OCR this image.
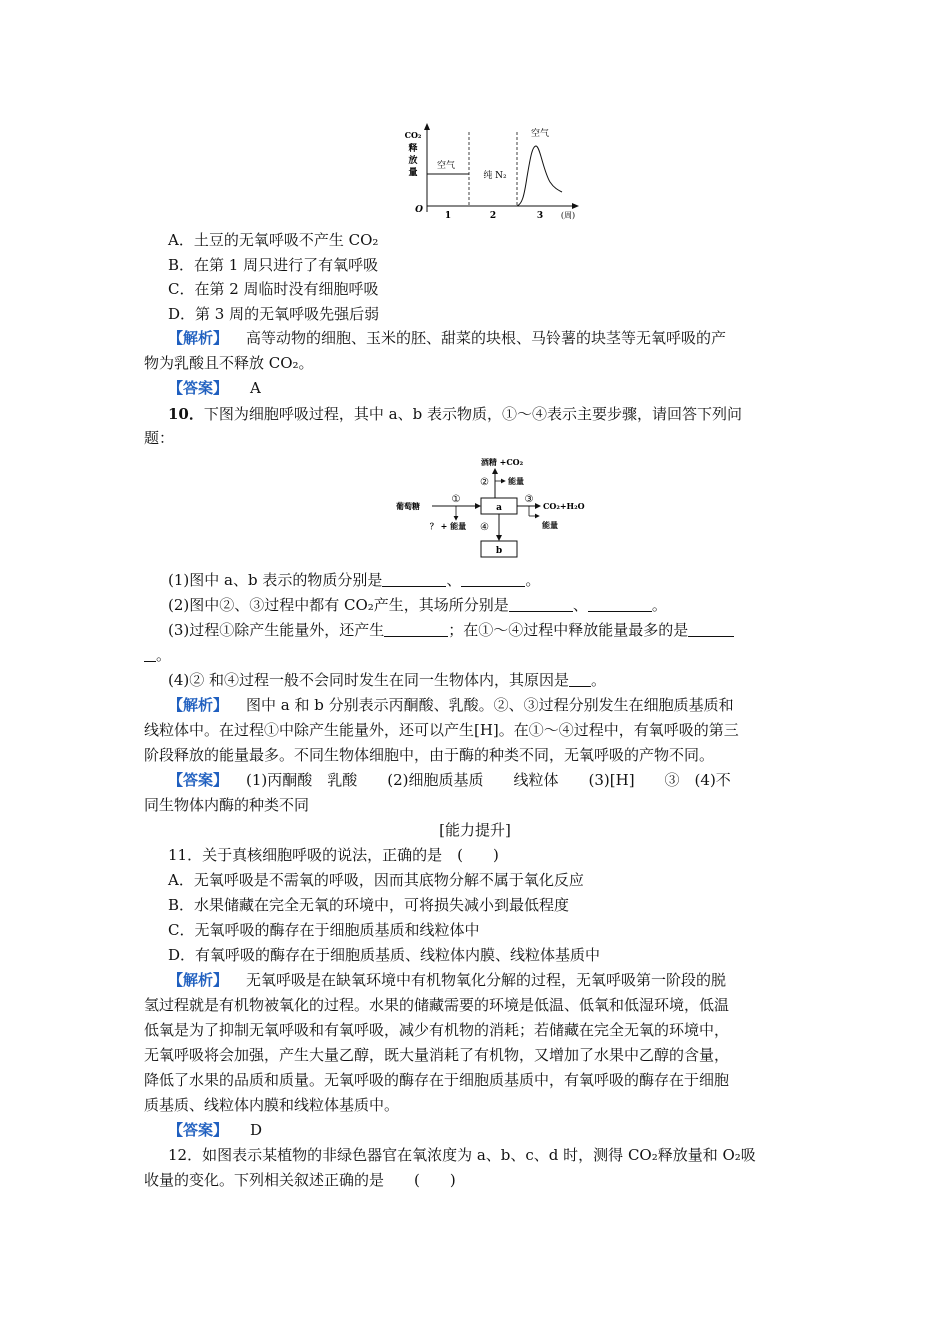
CO₂
释
放
量
O
空气
纯 N₂
空气
1	2	3 (周)
A．土豆的无氧呼吸不产生 CO₂
B．在第 1 周只进行了有氧呼吸
C．在第 2 周临时没有细胞呼吸
D．第 3 周的无氧呼吸先强后弱
【解析】 高等动物的细胞、玉米的胚、甜菜的块根、马铃薯的块茎等无氧呼吸的产
物为乳酸且不释放 CO₂。
【答案】 A
10．下图为细胞呼吸过程，其中 a、b 表示物质，①～④表示主要步骤，请回答下列问
题：
酒精 +CO₂
② 能量
葡萄糖
①
？ + 能量
a
③
CO₂+H₂O
能量
④
b
(1)图中 a、b 表示的物质分别是	、	。
(2)图中②、③过程中都有 CO₂产生，其场所分别是	、	。
(3)过程①除产生能量外，还产生	；在①～④过程中释放能量最多的是
。
(4)② 和④过程一般不会同时发生在同一生物体内，其原因是 。
【解析】 图中 a 和 b 分别表示丙酮酸、乳酸。②、③过程分别发生在细胞质基质和
线粒体中。在过程①中除产生能量外，还可以产生[H]。在①～④过程中，有氧呼吸的第三
阶段释放的能量最多。不同生物体细胞中，由于酶的种类不同，无氧呼吸的产物不同。
【答案】 (1)丙酮酸　乳酸　　(2)细胞质基质　　线粒体　　(3)[H]　　③　(4)不
同生物体内酶的种类不同
[能力提升]
11．关于真核细胞呼吸的说法，正确的是　(　　)
A．无氧呼吸是不需氧的呼吸，因而其底物分解不属于氧化反应
B．水果储藏在完全无氧的环境中，可将损失减小到最低程度
C．无氧呼吸的酶存在于细胞质基质和线粒体中
D．有氧呼吸的酶存在于细胞质基质、线粒体内膜、线粒体基质中
【解析】 无氧呼吸是在缺氧环境中有机物氧化分解的过程，无氧呼吸第一阶段的脱
氢过程就是有机物被氧化的过程。水果的储藏需要的环境是低温、低氧和低湿环境，低温
低氧是为了抑制无氧呼吸和有氧呼吸，减少有机物的消耗；若储藏在完全无氧的环境中，
无氧呼吸将会加强，产生大量乙醇，既大量消耗了有机物，又增加了水果中乙醇的含量，
降低了水果的品质和质量。无氧呼吸的酶存在于细胞质基质中，有氧呼吸的酶存在于细胞
质基质、线粒体内膜和线粒体基质中。
【答案】 D
12．如图表示某植物的非绿色器官在氧浓度为 a、b、c、d 时，测得 CO₂释放量和 O₂吸
收量的变化。下列相关叙述正确的是　　(　　)
